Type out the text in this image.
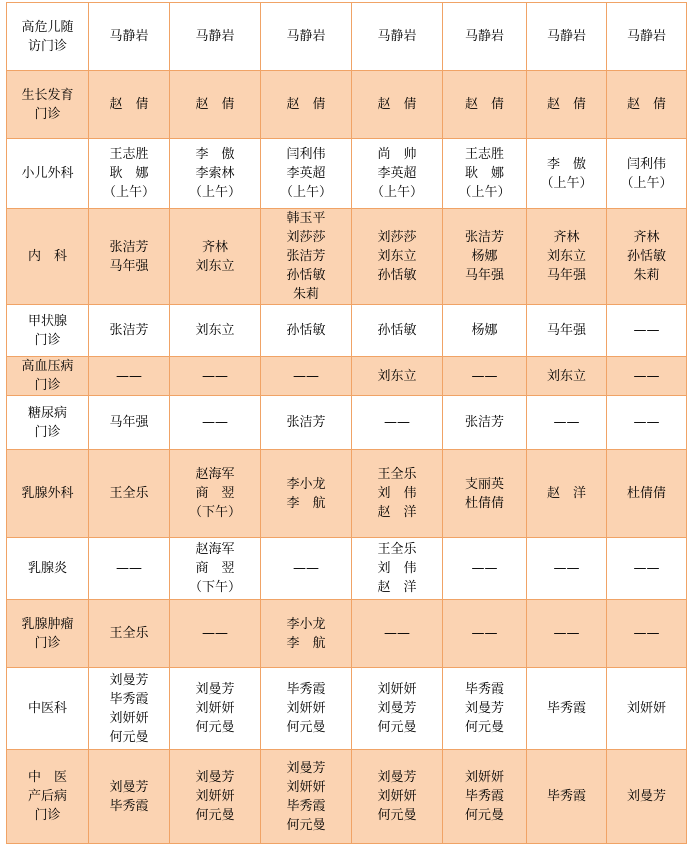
高危儿随
访门诊	马静岩	马静岩	马静岩	马静岩	马静岩	马静岩	马静岩

生长发育
门诊	赵　倩	赵　倩	赵　倩	赵　倩	赵　倩	赵　倩	赵　倩

小儿外科	王志胜
耿　娜
（上午）	李　傲
李索林
（上午）	闫利伟
李英超
（上午）	尚　帅
李英超
（上午）	王志胜
耿　娜
（上午）	李　傲
（上午）	闫利伟
（上午）

内　科	张洁芳
马年强	齐林
刘东立	韩玉平
刘莎莎
张洁芳
孙恬敏
朱莉	刘莎莎
刘东立
孙恬敏	张洁芳
杨娜
马年强	齐林
刘东立
马年强	齐林
孙恬敏
朱莉

甲状腺
门诊	张洁芳	刘东立	孙恬敏	孙恬敏	杨娜	马年强	——

高血压病
门诊	——	——	——	刘东立	——	刘东立	——

糖尿病
门诊	马年强	——	张洁芳	——	张洁芳	——	——

乳腺外科	王全乐	赵海军
商　翌
（下午）	李小龙
李　航	王全乐
刘　伟
赵　洋	支丽英
杜倩倩	赵　洋	杜倩倩

乳腺炎	——	赵海军
商　翌
（下午）	——	王全乐
刘　伟
赵　洋	——	——	——

乳腺肿瘤
门诊	王全乐	——	李小龙
李　航	——	——	——	——

中医科	刘曼芳
毕秀霞
刘妍妍
何元曼	刘曼芳
刘妍妍
何元曼	毕秀霞
刘妍妍
何元曼	刘妍妍
刘曼芳
何元曼	毕秀霞
刘曼芳
何元曼	毕秀霞	刘妍妍

中　医
产后病
门诊	刘曼芳
毕秀霞	刘曼芳
刘妍妍
何元曼	刘曼芳
刘妍妍
毕秀霞
何元曼	刘曼芳
刘妍妍
何元曼	刘妍妍
毕秀霞
何元曼	毕秀霞	刘曼芳
